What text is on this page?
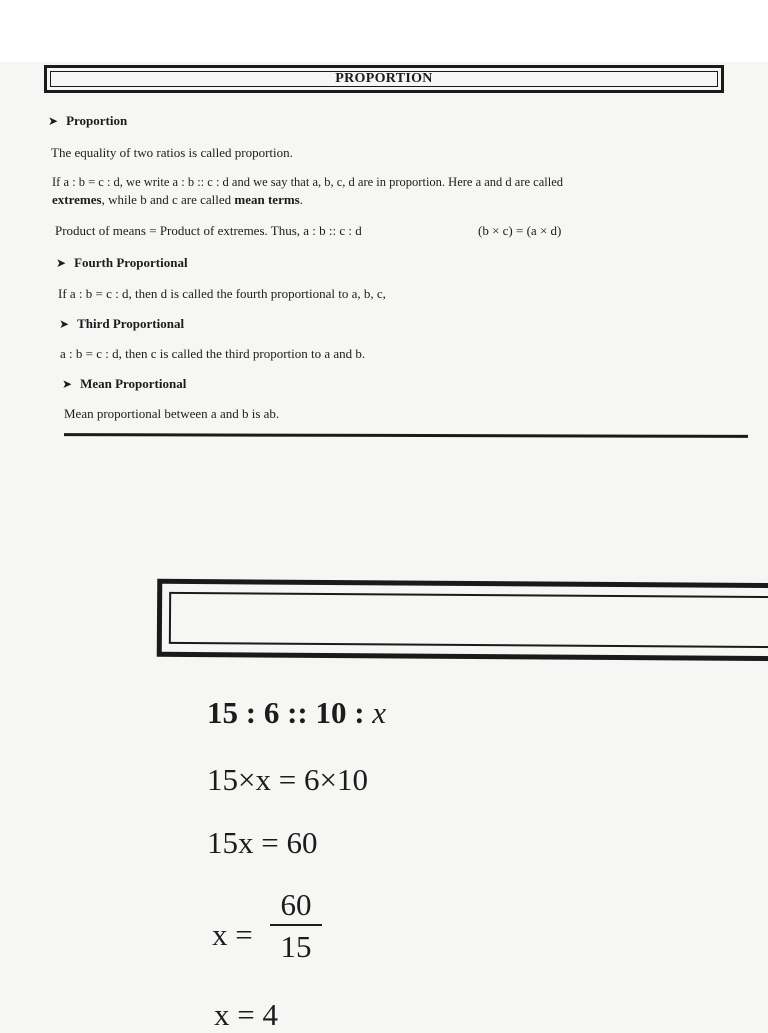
PROPORTION
➤ Proportion
The equality of two ratios is called proportion.
If a : b = c : d, we write a : b :: c : d and we say that a, b, c, d are in proportion. Here a and d are called
extremes, while b and c are called mean terms.
Product of means = Product of extremes. Thus, a : b :: c : d	(b × c) = (a × d)
➤ Fourth Proportional
If a : b = c : d, then d is called the fourth proportional to a, b, c,
➤ Third Proportional
a : b = c : d, then c is called the third proportion to a and b.
➤ Mean Proportional
Mean proportional between a and b is ab.
15 : 6 :: 10 : x
15×x = 6×10
15x = 60
x =
60
15
x = 4
